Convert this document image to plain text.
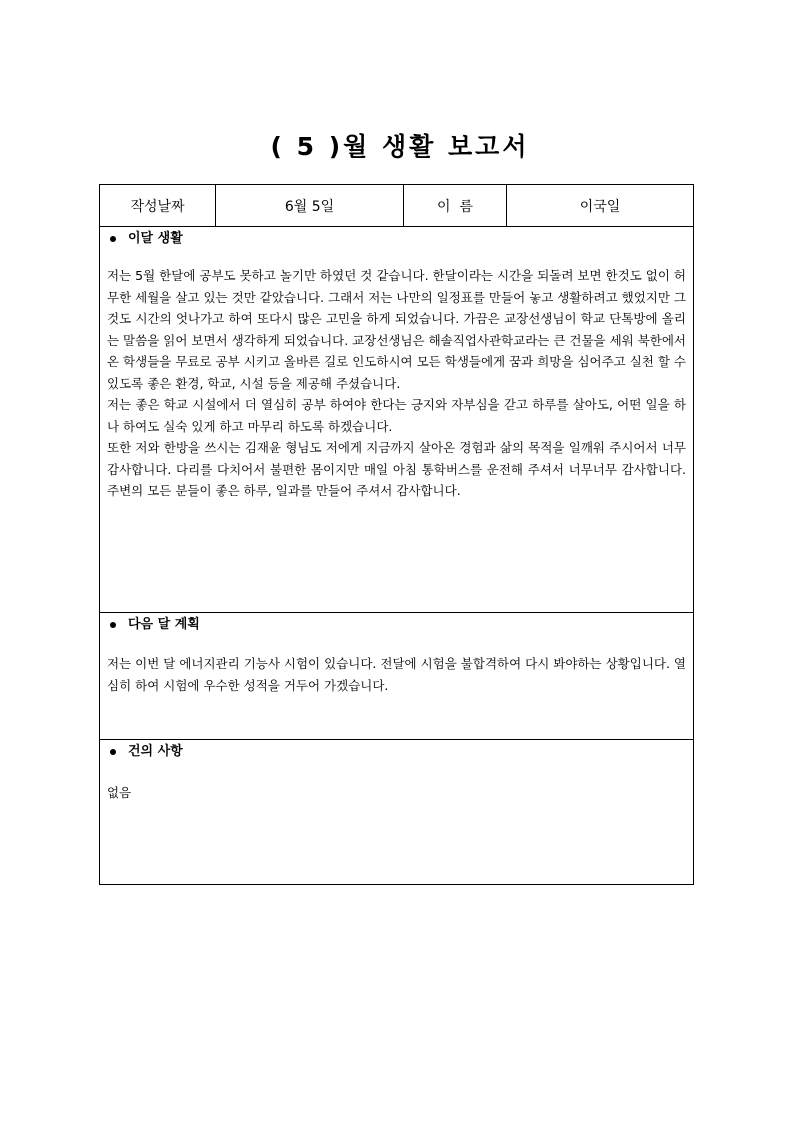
( 5 )월 생활 보고서
작성날짜	6월 5일	이  름	이국일
이달 생활

저는 5월 한달에 공부도 못하고 놀기만 하였던 것 같습니다. 한달이라는 시간을 되돌려 보면 한것도 없이 허무한 세월을 살고 있는 것만 같았습니다. 그래서 저는 나만의 일정표를 만들어 놓고 생활하려고 했었지만 그것도 시간의 엇나가고 하여 또다시 많은 고민을 하게 되었습니다. 가끔은 교장선생님이 학교 단톡방에 올리는 말씀을 읽어 보면서 생각하게 되었습니다. 교장선생님은 해솔직업사관학교라는 큰 건물을 세워 북한에서 온 학생들을 무료로 공부 시키고 올바른 길로 인도하시여 모든 학생들에게 꿈과 희망을 심어주고 실천 할 수 있도록 좋은 환경, 학교, 시설 등을 제공해 주셨습니다.

저는 좋은 학교 시설에서 더 열심히 공부 하여야 한다는 긍지와 자부심을 갇고 하루를 살아도, 어떤 일을 하나 하여도 실숙 있게 하고 마무리 하도록 하겠습니다.

또한 저와 한방을 쓰시는 김재윤 형님도 저에게 지금까지 살아온 경험과 삶의 목적을 일깨워 주시어서 너무 감사합니다. 다리를 다치어서 불편한 몸이지만 매일 아침 통학버스를 운전해 주셔서 너무너무 감사합니다. 주변의 모든 분들이 좋은 하루, 일과를 만들어 주셔서 감사합니다.

다음 달 계획

저는 이번 달 에너지관리 기능사 시험이 있습니다. 전달에 시험을 불합격하여 다시 봐야하는 상황입니다. 열심히 하여 시험에 우수한 성적을 거두어 가겠습니다.

건의 사항

없음
